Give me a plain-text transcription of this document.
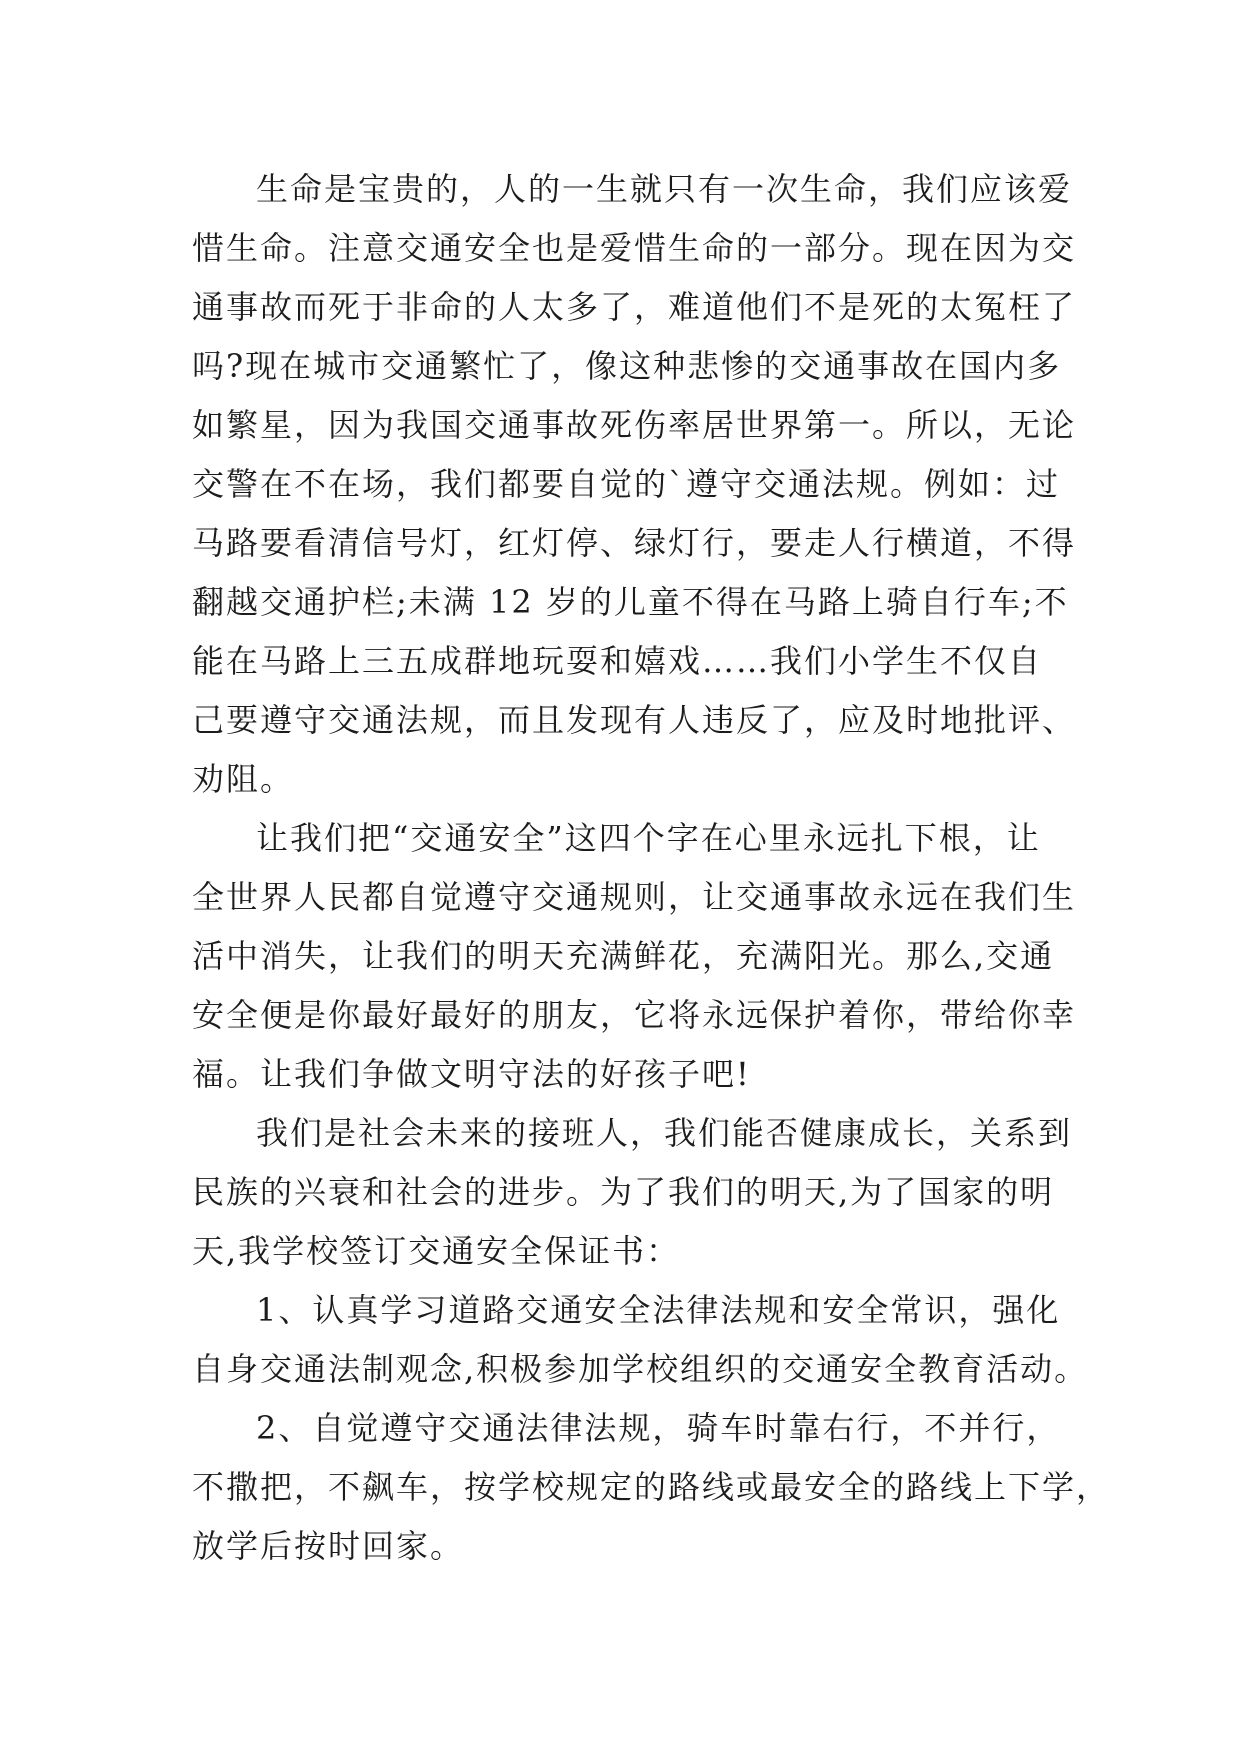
生命是宝贵的，人的一生就只有一次生命，我们应该爱
惜生命。注意交通安全也是爱惜生命的一部分。现在因为交
通事故而死于非命的人太多了，难道他们不是死的太冤枉了
吗?现在城市交通繁忙了，像这种悲惨的交通事故在国内多
如繁星，因为我国交通事故死伤率居世界第一。所以，无论
交警在不在场，我们都要自觉的`遵守交通法规。例如：过
马路要看清信号灯，红灯停、绿灯行，要走人行横道，不得
翻越交通护栏;未满 12 岁的儿童不得在马路上骑自行车;不
能在马路上三五成群地玩耍和嬉戏……我们小学生不仅自
己要遵守交通法规，而且发现有人违反了，应及时地批评、
劝阻。
让我们把“交通安全”这四个字在心里永远扎下根，让
全世界人民都自觉遵守交通规则，让交通事故永远在我们生
活中消失，让我们的明天充满鲜花，充满阳光。那么,交通
安全便是你最好最好的朋友，它将永远保护着你，带给你幸
福。让我们争做文明守法的好孩子吧!
我们是社会未来的接班人，我们能否健康成长，关系到
民族的兴衰和社会的进步。为了我们的明天,为了国家的明
天,我学校签订交通安全保证书：
1、认真学习道路交通安全法律法规和安全常识，强化
自身交通法制观念,积极参加学校组织的交通安全教育活动。
2、自觉遵守交通法律法规，骑车时靠右行，不并行，
不撒把，不飙车，按学校规定的路线或最安全的路线上下学，
放学后按时回家。
